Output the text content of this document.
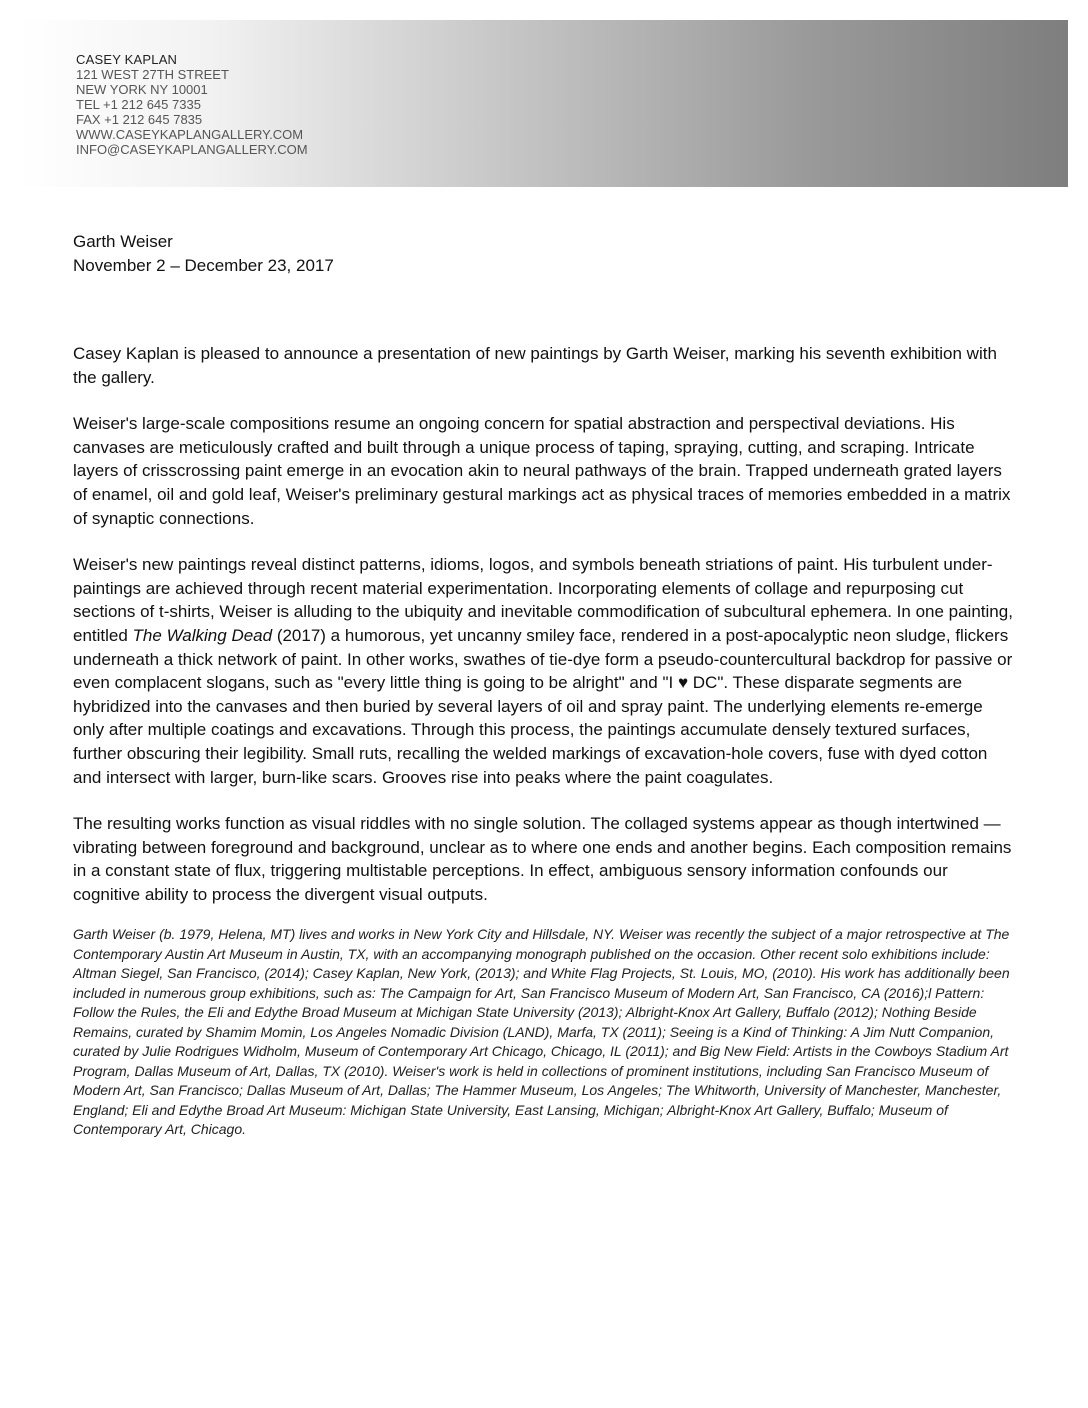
CASEY KAPLAN
121 WEST 27TH STREET
NEW YORK NY 10001
TEL +1 212 645 7335
FAX +1 212 645 7835
WWW.CASEYKAPLANGALLERY.COM
INFO@CASEYKAPLANGALLERY.COM
Garth Weiser
November 2 – December 23, 2017

Casey Kaplan is pleased to announce a presentation of new paintings by Garth Weiser, marking his seventh exhibition with the gallery.

Weiser's large-scale compositions resume an ongoing concern for spatial abstraction and perspectival deviations. His canvases are meticulously crafted and built through a unique process of taping, spraying, cutting, and scraping. Intricate layers of crisscrossing paint emerge in an evocation akin to neural pathways of the brain. Trapped underneath grated layers of enamel, oil and gold leaf, Weiser's preliminary gestural markings act as physical traces of memories embedded in a matrix of synaptic connections.

Weiser's new paintings reveal distinct patterns, idioms, logos, and symbols beneath striations of paint. His turbulent under-paintings are achieved through recent material experimentation. Incorporating elements of collage and repurposing cut sections of t-shirts, Weiser is alluding to the ubiquity and inevitable commodification of subcultural ephemera. In one painting, entitled The Walking Dead (2017) a humorous, yet uncanny smiley face, rendered in a post-apocalyptic neon sludge, flickers underneath a thick network of paint. In other works, swathes of tie-dye form a pseudo-countercultural backdrop for passive or even complacent slogans, such as "every little thing is going to be alright" and "I ♥ DC". These disparate segments are hybridized into the canvases and then buried by several layers of oil and spray paint. The underlying elements re-emerge only after multiple coatings and excavations. Through this process, the paintings accumulate densely textured surfaces, further obscuring their legibility. Small ruts, recalling the welded markings of excavation-hole covers, fuse with dyed cotton and intersect with larger, burn-like scars. Grooves rise into peaks where the paint coagulates.

The resulting works function as visual riddles with no single solution. The collaged systems appear as though intertwined — vibrating between foreground and background, unclear as to where one ends and another begins. Each composition remains in a constant state of flux, triggering multistable perceptions. In effect, ambiguous sensory information confounds our cognitive ability to process the divergent visual outputs.

Garth Weiser (b. 1979, Helena, MT) lives and works in New York City and Hillsdale, NY. Weiser was recently the subject of a major retrospective at The Contemporary Austin Art Museum in Austin, TX, with an accompanying monograph published on the occasion. Other recent solo exhibitions include: Altman Siegel, San Francisco, (2014); Casey Kaplan, New York, (2013); and White Flag Projects, St. Louis, MO, (2010). His work has additionally been included in numerous group exhibitions, such as: The Campaign for Art, San Francisco Museum of Modern Art, San Francisco, CA (2016);l Pattern: Follow the Rules, the Eli and Edythe Broad Museum at Michigan State University (2013); Albright-Knox Art Gallery, Buffalo (2012); Nothing Beside Remains, curated by Shamim Momin, Los Angeles Nomadic Division (LAND), Marfa, TX (2011); Seeing is a Kind of Thinking: A Jim Nutt Companion, curated by Julie Rodrigues Widholm, Museum of Contemporary Art Chicago, Chicago, IL (2011); and Big New Field: Artists in the Cowboys Stadium Art Program, Dallas Museum of Art, Dallas, TX (2010). Weiser's work is held in collections of prominent institutions, including San Francisco Museum of Modern Art, San Francisco; Dallas Museum of Art, Dallas; The Hammer Museum, Los Angeles; The Whitworth, University of Manchester, Manchester, England; Eli and Edythe Broad Art Museum: Michigan State University, East Lansing, Michigan; Albright-Knox Art Gallery, Buffalo; Museum of Contemporary Art, Chicago.
